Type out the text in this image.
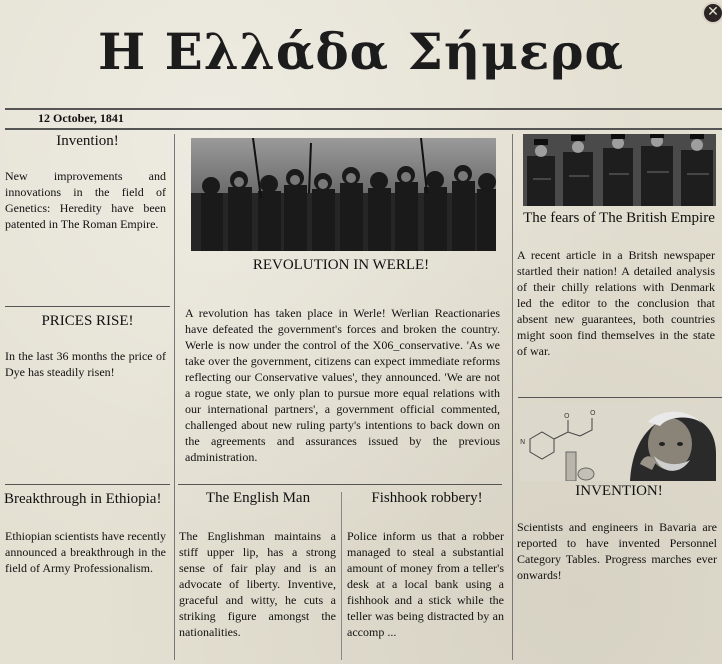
Η Ελλάδα Σήμερα
✕
12 October, 1841
Invention!
New improvements and innovations in the field of Genetics: Heredity have been patented in The Roman Empire.
PRICES RISE!
In the last 36 months the price of Dye has steadily risen!
Breakthrough in Ethiopia!
Ethiopian scientists have recently announced a breakthrough in the field of Army Professionalism.
REVOLUTION IN WERLE!
A revolution has taken place in Werle! Werlian Reactionaries have defeated the government's forces and broken the country. Werle is now under the control of the X06_conservative. 'As we take over the government, citizens can expect immediate reforms reflecting our Conservative values', they announced. 'We are not a rogue state, we only plan to pursue more equal relations with our international partners', a government official commented, challenged about new ruling party's intentions to back down on the agreements and assurances issued by the previous administration.
The English Man
The Englishman maintains a stiff upper lip, has a strong sense of fair play and is an advocate of liberty. Inventive, graceful and witty, he cuts a striking figure amongst the nationalities.
Fishhook robbery!
Police inform us that a robber managed to steal a substantial amount of money from a teller's desk at a local bank using a fishhook and a stick while the teller was being distracted by an accomp ...
The fears of The British Empire
A recent article in a Britsh newspaper startled their nation! A detailed analysis of their chilly relations with Denmark led the editor to the conclusion that absent new guarantees, both countries might soon find themselves in the state of war.
O	O
N
INVENTION!
Scientists and engineers in Bavaria are reported to have invented Personnel Category Tables. Progress marches ever onwards!
